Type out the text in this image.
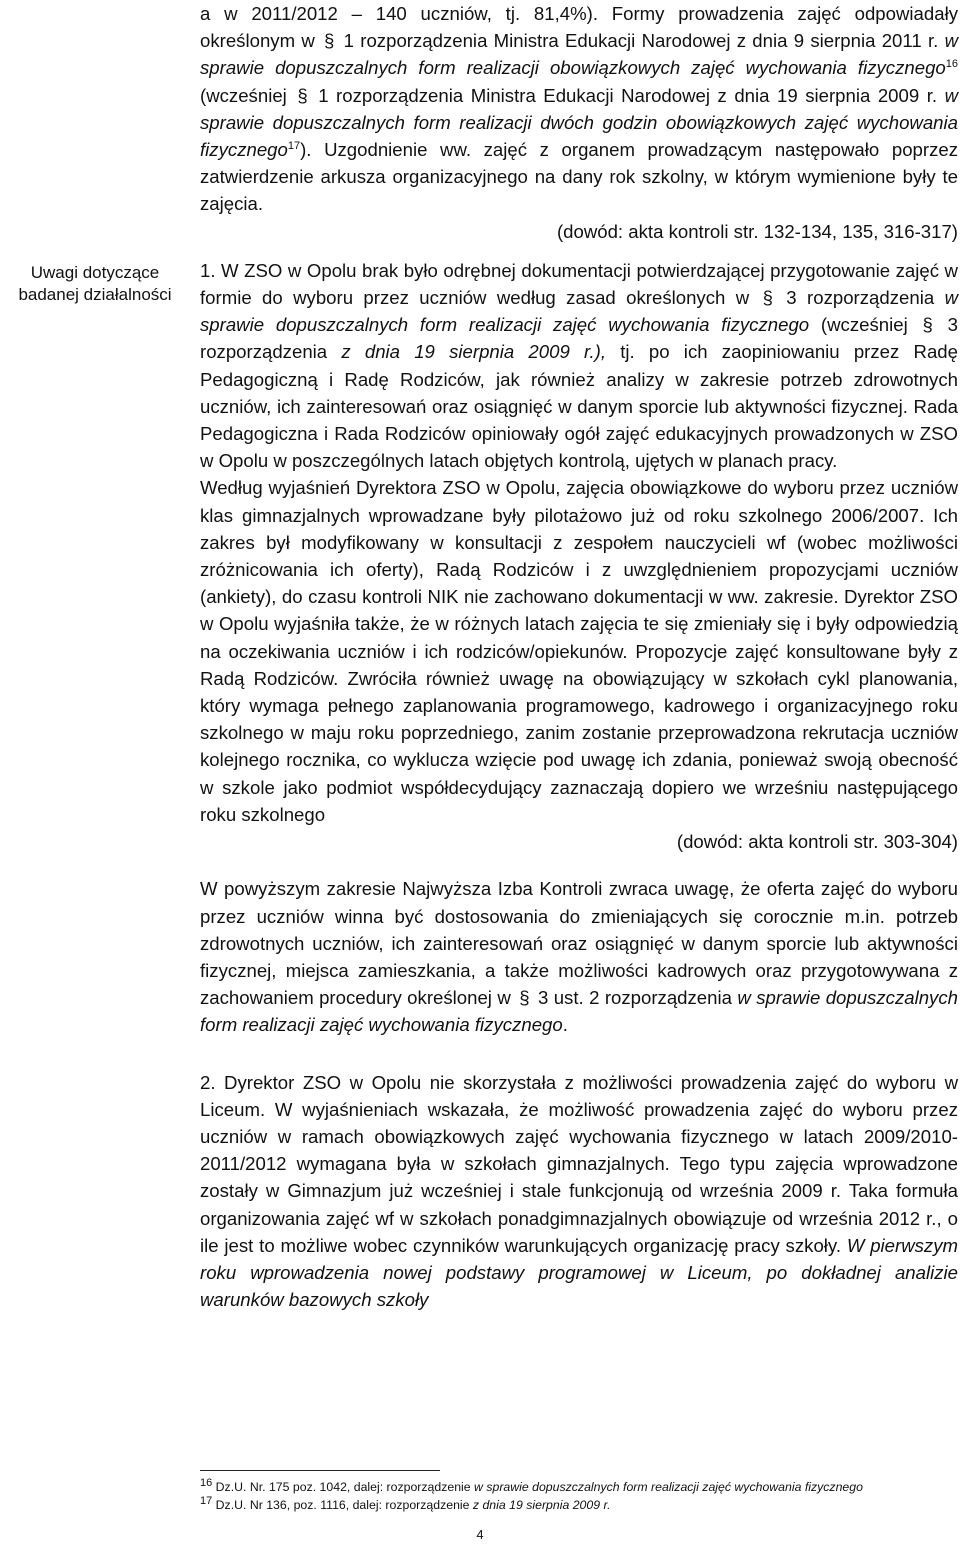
Uwagi dotyczące
badanej działalności

a w 2011/2012 – 140 uczniów, tj. 81,4%). Formy prowadzenia zajęć odpowiadały określonym w § 1 rozporządzenia Ministra Edukacji Narodowej z dnia 9 sierpnia 2011 r. w sprawie dopuszczalnych form realizacji obowiązkowych zajęć wychowania fizycznego$^{16}$ (wcześniej § 1 rozporządzenia Ministra Edukacji Narodowej z dnia 19 sierpnia 2009 r. w sprawie dopuszczalnych form realizacji dwóch godzin obowiązkowych zajęć wychowania fizycznego$^{17}$). Uzgodnienie ww. zajęć z organem prowadzącym następowało poprzez zatwierdzenie arkusza organizacyjnego na dany rok szkolny, w którym wymienione były te zajęcia.

(dowód: akta kontroli str. 132-134, 135, 316-317)

1. W ZSO w Opolu brak było odrębnej dokumentacji potwierdzającej przygotowanie zajęć w formie do wyboru przez uczniów według zasad określonych w § 3 rozporządzenia w sprawie dopuszczalnych form realizacji zajęć wychowania fizycznego (wcześniej § 3 rozporządzenia z dnia 19 sierpnia 2009 r.), tj. po ich zaopiniowaniu przez Radę Pedagogiczną i Radę Rodziców, jak również analizy w zakresie potrzeb zdrowotnych uczniów, ich zainteresowań oraz osiągnięć w danym sporcie lub aktywności fizycznej. Rada Pedagogiczna i Rada Rodziców opiniowały ogół zajęć edukacyjnych prowadzonych w ZSO w Opolu w poszczególnych latach objętych kontrolą, ujętych w planach pracy.

Według wyjaśnień Dyrektora ZSO w Opolu, zajęcia obowiązkowe do wyboru przez uczniów klas gimnazjalnych wprowadzane były pilotażowo już od roku szkolnego 2006/2007. Ich zakres był modyfikowany w konsultacji z zespołem nauczycieli wf (wobec możliwości zróżnicowania ich oferty), Radą Rodziców i z uwzględnieniem propozycjami uczniów (ankiety), do czasu kontroli NIK nie zachowano dokumentacji w ww. zakresie. Dyrektor ZSO w Opolu wyjaśniła także, że w różnych latach zajęcia te się zmieniały się i były odpowiedzią na oczekiwania uczniów i ich rodziców/opiekunów. Propozycje zajęć konsultowane były z Radą Rodziców. Zwróciła również uwagę na obowiązujący w szkołach cykl planowania, który wymaga pełnego zaplanowania programowego, kadrowego i organizacyjnego roku szkolnego w maju roku poprzedniego, zanim zostanie przeprowadzona rekrutacja uczniów kolejnego rocznika, co wyklucza wzięcie pod uwagę ich zdania, ponieważ swoją obecność w szkole jako podmiot współdecydujący zaznaczają dopiero we wrześniu następującego roku szkolnego

(dowód: akta kontroli str. 303-304)

W powyższym zakresie Najwyższa Izba Kontroli zwraca uwagę, że oferta zajęć do wyboru przez uczniów winna być dostosowania do zmieniających się corocznie m.in. potrzeb zdrowotnych uczniów, ich zainteresowań oraz osiągnięć w danym sporcie lub aktywności fizycznej, miejsca zamieszkania, a także możliwości kadrowych oraz przygotowywana z zachowaniem procedury określonej w § 3 ust. 2 rozporządzenia w sprawie dopuszczalnych form realizacji zajęć wychowania fizycznego.

2. Dyrektor ZSO w Opolu nie skorzystała z możliwości prowadzenia zajęć do wyboru w Liceum. W wyjaśnieniach wskazała, że możliwość prowadzenia zajęć do wyboru przez uczniów w ramach obowiązkowych zajęć wychowania fizycznego w latach 2009/2010-2011/2012 wymagana była w szkołach gimnazjalnych. Tego typu zajęcia wprowadzone zostały w Gimnazjum już wcześniej i stale funkcjonują od września 2009 r. Taka formuła organizowania zajęć wf w szkołach ponadgimnazjalnych obowiązuje od września 2012 r., o ile jest to możliwe wobec czynników warunkujących organizację pracy szkoły. W pierwszym roku wprowadzenia nowej podstawy programowej w Liceum, po dokładnej analizie warunków bazowych szkoły

$^{16}$ Dz.U. Nr. 175 poz. 1042, dalej: rozporządzenie w sprawie dopuszczalnych form realizacji zajęć wychowania fizycznego

$^{17}$ Dz.U. Nr 136, poz. 1116, dalej: rozporządzenie z dnia 19 sierpnia 2009 r.

4
